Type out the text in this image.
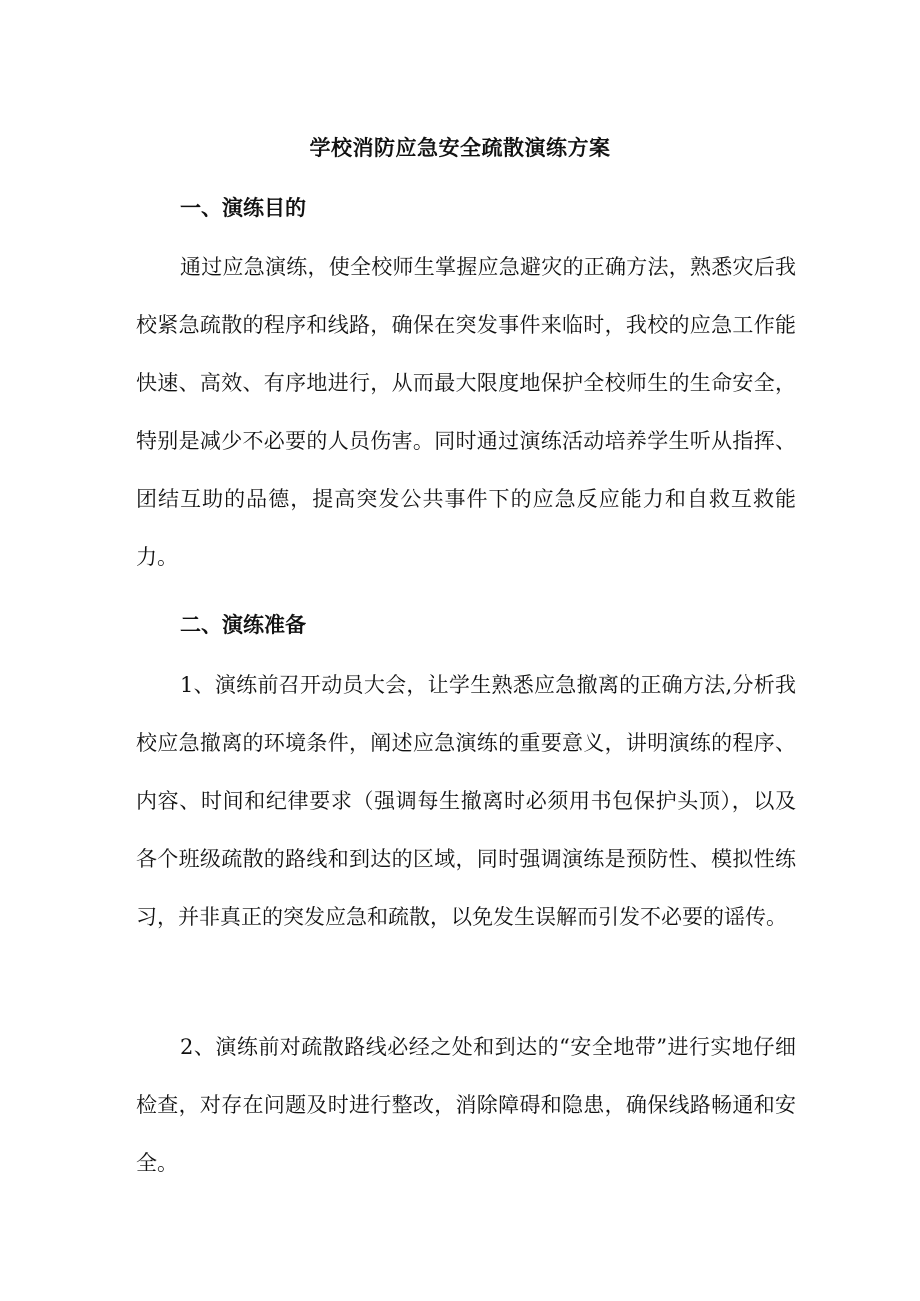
学校消防应急安全疏散演练方案
一、演练目的

通过应急演练，使全校师生掌握应急避灾的正确方法，熟悉灾后我校紧急疏散的程序和线路，确保在突发事件来临时，我校的应急工作能快速、高效、有序地进行，从而最大限度地保护全校师生的生命安全，特别是减少不必要的人员伤害。同时通过演练活动培养学生听从指挥、团结互助的品德，提高突发公共事件下的应急反应能力和自救互救能力。

二、演练准备

1、演练前召开动员大会，让学生熟悉应急撤离的正确方法,分析我校应急撤离的环境条件，阐述应急演练的重要意义，讲明演练的程序、内容、时间和纪律要求（强调每生撤离时必须用书包保护头顶），以及各个班级疏散的路线和到达的区域，同时强调演练是预防性、模拟性练习，并非真正的突发应急和疏散，以免发生误解而引发不必要的谣传。

2、演练前对疏散路线必经之处和到达的“安全地带”进行实地仔细检查，对存在问题及时进行整改，消除障碍和隐患，确保线路畅通和安全。
